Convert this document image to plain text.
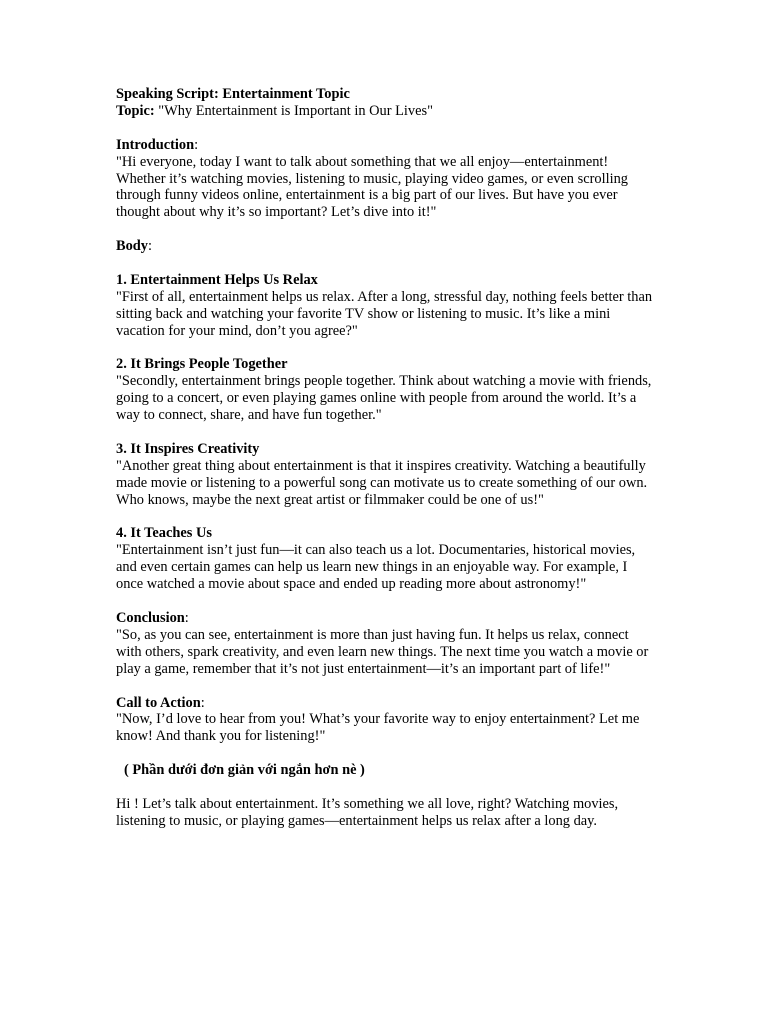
Speaking Script: Entertainment Topic

Topic: "Why Entertainment is Important in Our Lives"

Introduction:

"Hi everyone, today I want to talk about something that we all enjoy—entertainment! Whether it’s watching movies, listening to music, playing video games, or even scrolling through funny videos online, entertainment is a big part of our lives. But have you ever thought about why it’s so important? Let’s dive into it!"

Body:

1. Entertainment Helps Us Relax

"First of all, entertainment helps us relax. After a long, stressful day, nothing feels better than sitting back and watching your favorite TV show or listening to music. It’s like a mini vacation for your mind, don’t you agree?"

2. It Brings People Together

"Secondly, entertainment brings people together. Think about watching a movie with friends, going to a concert, or even playing games online with people from around the world. It’s a way to connect, share, and have fun together."

3. It Inspires Creativity

"Another great thing about entertainment is that it inspires creativity. Watching a beautifully made movie or listening to a powerful song can motivate us to create something of our own. Who knows, maybe the next great artist or filmmaker could be one of us!"

4. It Teaches Us

"Entertainment isn’t just fun—it can also teach us a lot. Documentaries, historical movies, and even certain games can help us learn new things in an enjoyable way. For example, I once watched a movie about space and ended up reading more about astronomy!"

Conclusion:

"So, as you can see, entertainment is more than just having fun. It helps us relax, connect with others, spark creativity, and even learn new things. The next time you watch a movie or play a game, remember that it’s not just entertainment—it’s an important part of life!"

Call to Action:

"Now, I’d love to hear from you! What’s your favorite way to enjoy entertainment? Let me know! And thank you for listening!"

( Phần dưới đơn giản với ngắn hơn nè )

Hi ! Let’s talk about entertainment. It’s something we all love, right? Watching movies, listening to music, or playing games—entertainment helps us relax after a long day.
